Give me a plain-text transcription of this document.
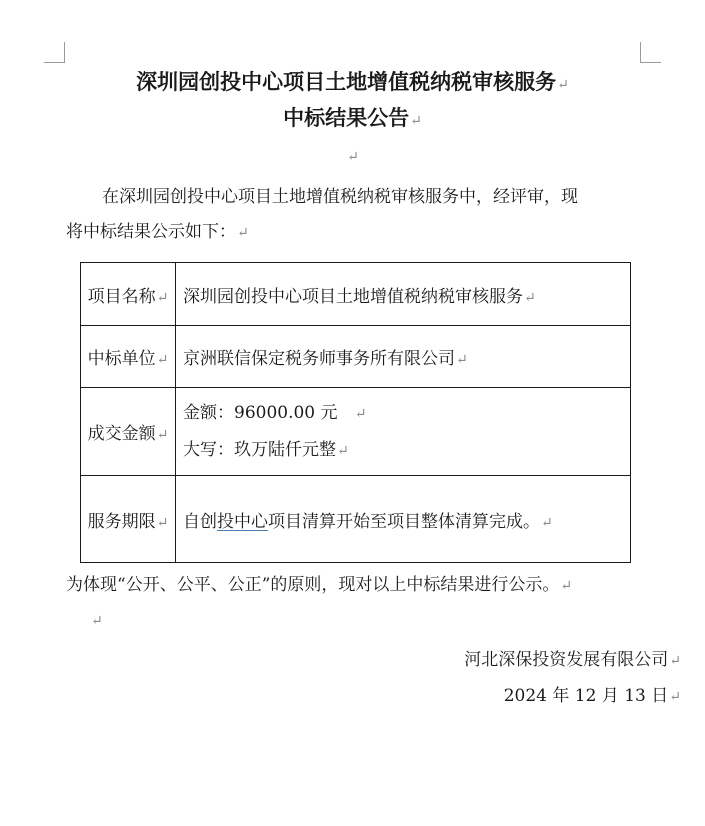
深圳园创投中心项目土地增值税纳税审核服务↵
中标结果公告↵
↵
在深圳园创投中心项目土地增值税纳税审核服务中，经评审，现
将中标结果公示如下：↵
项目名称↵	深圳园创投中心项目土地增值税纳税审核服务↵
中标单位↵	京洲联信保定税务师事务所有限公司↵
成交金额↵	金额：96000.00 元 ↵
大写：玖万陆仟元整↵

服务期限↵	自创投中心项目清算开始至项目整体清算完成。↵
为体现“公开、公平、公正”的原则，现对以上中标结果进行公示。↵
↵
河北深保投资发展有限公司↵
2024 年 12 月 13 日↵
